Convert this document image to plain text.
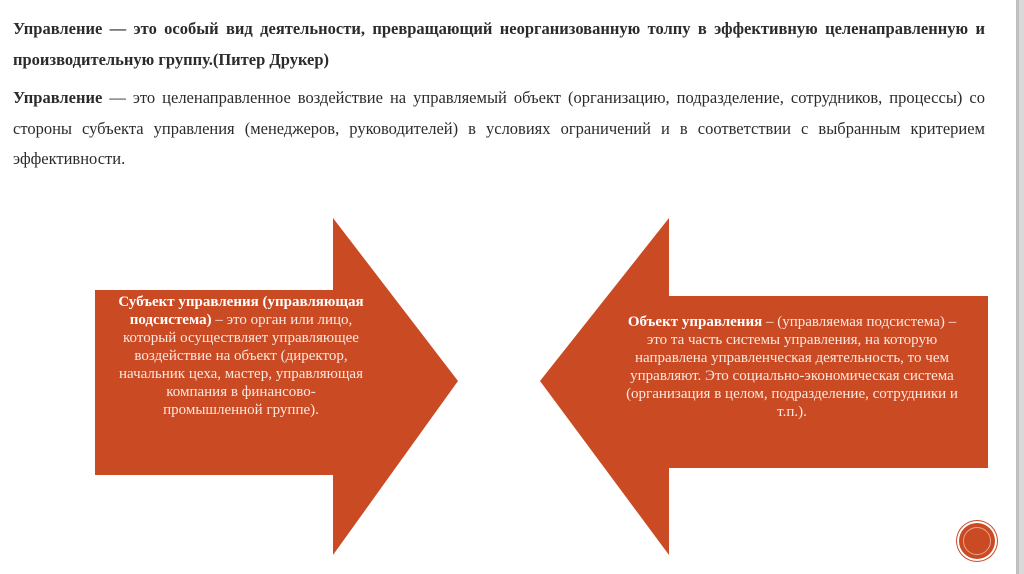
Управление — это особый вид деятельности, превращающий неорганизованную толпу в эффективную целенаправленную и производительную группу.(Питер Друкер)

Управление — это целенаправленное воздействие на управляемый объект (организацию, подразделение, сотрудников, процессы) со стороны субъекта управления (менеджеров, руководителей) в условиях ограничений и в соответствии с выбранным критерием эффективности.

Субъект управления (управляющая подсистема) – это орган или лицо, который осуществляет управляющее воздействие на объект (директор, начальник цеха, мастер, управляющая компания в финансово-промышленной группе).
Объект управления – (управляемая подсистема) – это та часть системы управления, на которую направлена управленческая деятельность, то чем управляют. Это социально-экономическая система (организация в целом, подразделение, сотрудники и т.п.).
